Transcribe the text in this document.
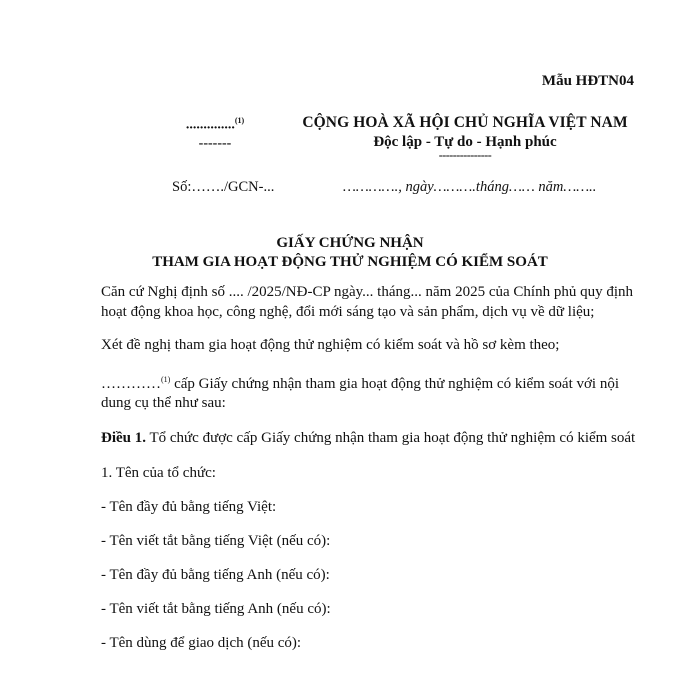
Mẫu HĐTN04
..............$^{(1)}$
-------
CỘNG HOÀ XÃ HỘI CHỦ NGHĨA VIỆT NAM
Độc lập - Tự do - Hạnh phúc
---------------
Số:……./GCN-...	…………., ngày……….tháng…… năm……..
GIẤY CHỨNG NHẬN
THAM GIA HOẠT ĐỘNG THỬ NGHIỆM CÓ KIỂM SOÁT

Căn cứ Nghị định số .... /2025/NĐ-CP ngày... tháng... năm 2025 của Chính phủ quy định hoạt động khoa học, công nghệ, đổi mới sáng tạo và sản phẩm, dịch vụ về dữ liệu;

Xét đề nghị tham gia hoạt động thử nghiệm có kiểm soát và hồ sơ kèm theo;

…………$^{(1)}$ cấp Giấy chứng nhận tham gia hoạt động thử nghiệm có kiểm soát với nội dung cụ thể như sau:

Điều 1. Tổ chức được cấp Giấy chứng nhận tham gia hoạt động thử nghiệm có kiểm soát

1. Tên của tổ chức:

- Tên đầy đủ bằng tiếng Việt:

- Tên viết tắt bằng tiếng Việt (nếu có):

- Tên đầy đủ bằng tiếng Anh (nếu có):

- Tên viết tắt bằng tiếng Anh (nếu có):

- Tên dùng để giao dịch (nếu có):
